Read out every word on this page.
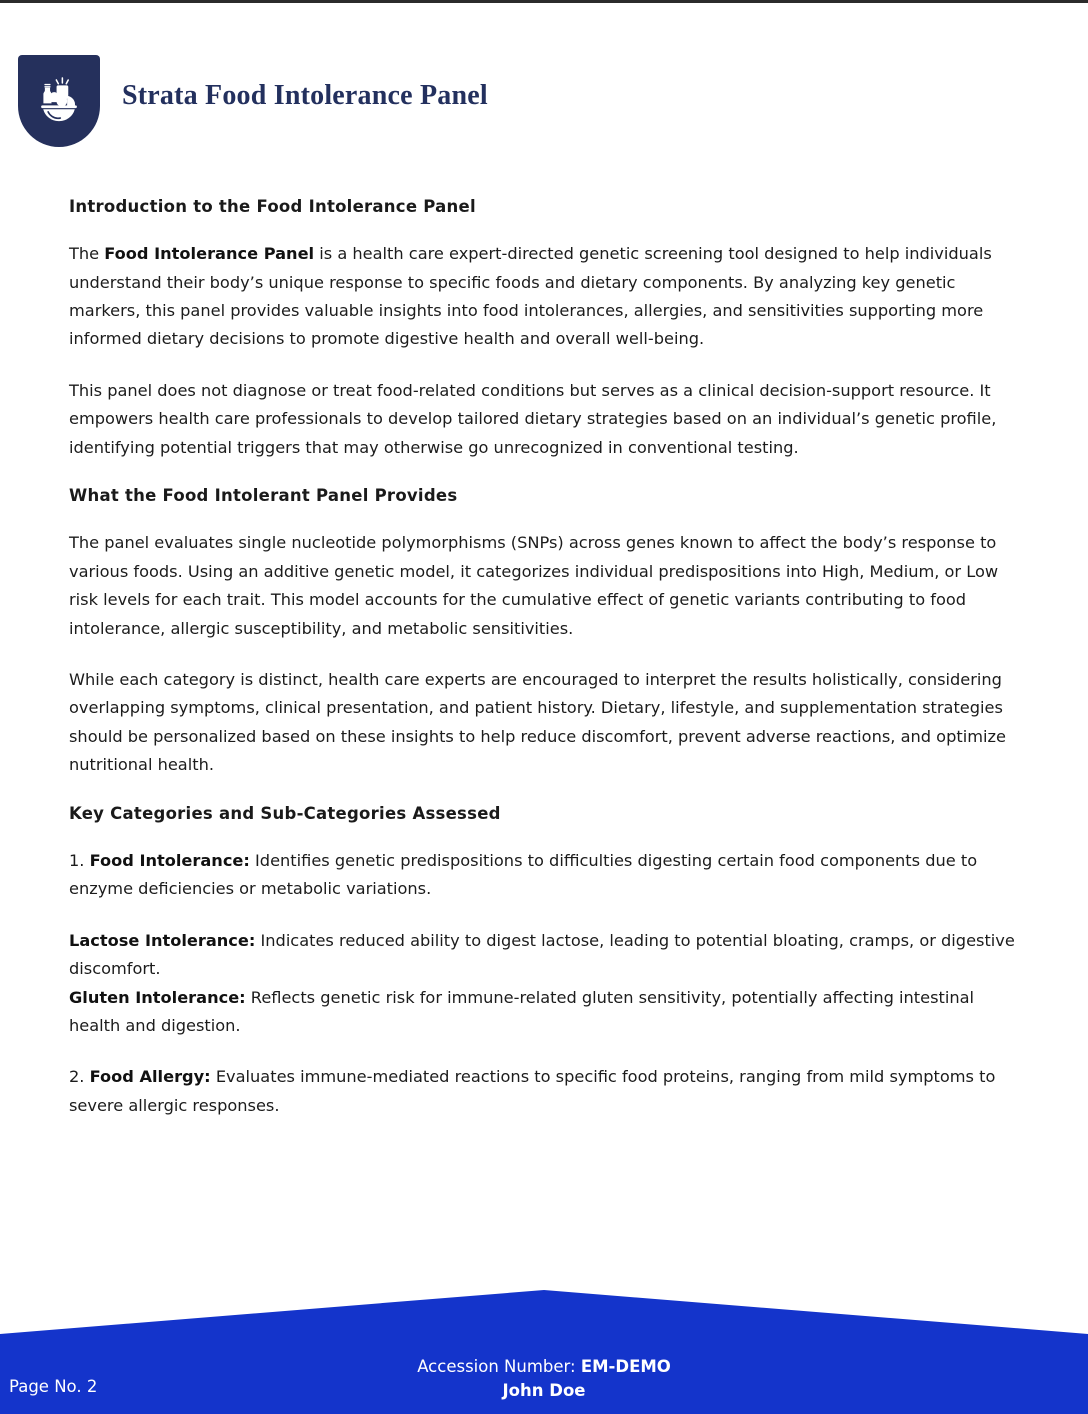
Strata Food Intolerance Panel
Introduction to the Food Intolerance Panel

The Food Intolerance Panel is a health care expert-directed genetic screening tool designed to help individuals understand their body’s unique response to specific foods and dietary components. By analyzing key genetic markers, this panel provides valuable insights into food intolerances, allergies, and sensitivities supporting more informed dietary decisions to promote digestive health and overall well-being.

This panel does not diagnose or treat food-related conditions but serves as a clinical decision-support resource. It empowers health care professionals to develop tailored dietary strategies based on an individual’s genetic profile, identifying potential triggers that may otherwise go unrecognized in conventional testing.

What the Food Intolerant Panel Provides

The panel evaluates single nucleotide polymorphisms (SNPs) across genes known to affect the body’s response to various foods. Using an additive genetic model, it categorizes individual predispositions into High, Medium, or Low risk levels for each trait. This model accounts for the cumulative effect of genetic variants contributing to food intolerance, allergic susceptibility, and metabolic sensitivities.

While each category is distinct, health care experts are encouraged to interpret the results holistically, considering overlapping symptoms, clinical presentation, and patient history. Dietary, lifestyle, and supplementation strategies should be personalized based on these insights to help reduce discomfort, prevent adverse reactions, and optimize nutritional health.

Key Categories and Sub-Categories Assessed

1. Food Intolerance: Identifies genetic predispositions to difficulties digesting certain food components due to enzyme deficiencies or metabolic variations.

Lactose Intolerance: Indicates reduced ability to digest lactose, leading to potential bloating, cramps, or digestive discomfort.
Gluten Intolerance: Reflects genetic risk for immune-related gluten sensitivity, potentially affecting intestinal health and digestion.

2. Food Allergy: Evaluates immune-mediated reactions to specific food proteins, ranging from mild symptoms to severe allergic responses.

Accession Number: EM-DEMO
John Doe
Page No. 2
